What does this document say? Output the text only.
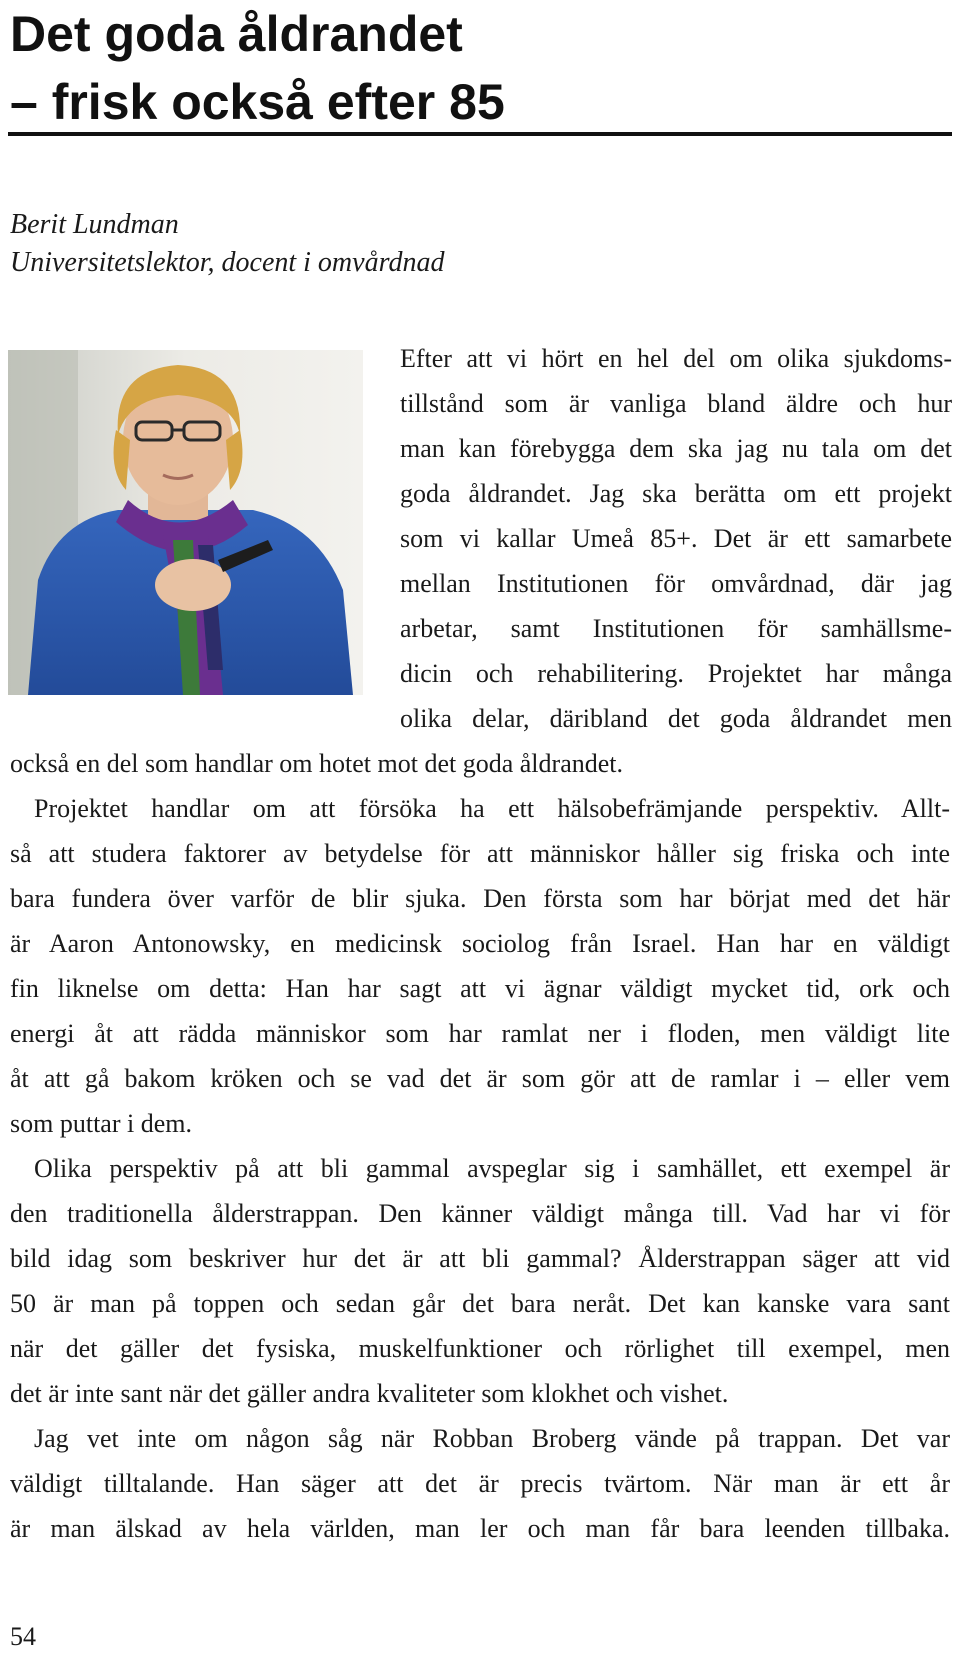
Det goda åldrandet
– frisk också efter 85
Berit Lundman
Universitetslektor, docent i omvårdnad
Efter att vi hört en hel del om olika sjukdoms-
tillstånd som är vanliga bland äldre och hur
man kan förebygga dem ska jag nu tala om det
goda åldrandet. Jag ska berätta om ett projekt
som vi kallar Umeå 85+. Det är ett samarbete
mellan Institutionen för omvårdnad, där jag
arbetar, samt Institutionen för samhällsme-
dicin och rehabilitering. Projektet har många
olika delar, däribland det goda åldrandet men
också en del som handlar om hotet mot det goda åldrandet.
Projektet handlar om att försöka ha ett hälsobefrämjande perspektiv. Allt-
så att studera faktorer av betydelse för att människor håller sig friska och inte
bara fundera över varför de blir sjuka. Den första som har börjat med det här
är Aaron Antonowsky, en medicinsk sociolog från Israel. Han har en väldigt
fin liknelse om detta: Han har sagt att vi ägnar väldigt mycket tid, ork och
energi åt att rädda människor som har ramlat ner i floden, men väldigt lite
åt att gå bakom kröken och se vad det är som gör att de ramlar i – eller vem
som puttar i dem.
Olika perspektiv på att bli gammal avspeglar sig i samhället, ett exempel är
den traditionella ålderstrappan. Den känner väldigt många till. Vad har vi för
bild idag som beskriver hur det är att bli gammal? Ålderstrappan säger att vid
50 är man på toppen och sedan går det bara neråt. Det kan kanske vara sant
när det gäller det fysiska, muskelfunktioner och rörlighet till exempel, men
det är inte sant när det gäller andra kvaliteter som klokhet och vishet.
Jag vet inte om någon såg när Robban Broberg vände på trappan. Det var
väldigt tilltalande. Han säger att det är precis tvärtom. När man är ett år
är man älskad av hela världen, man ler och man får bara leenden tillbaka.
54
